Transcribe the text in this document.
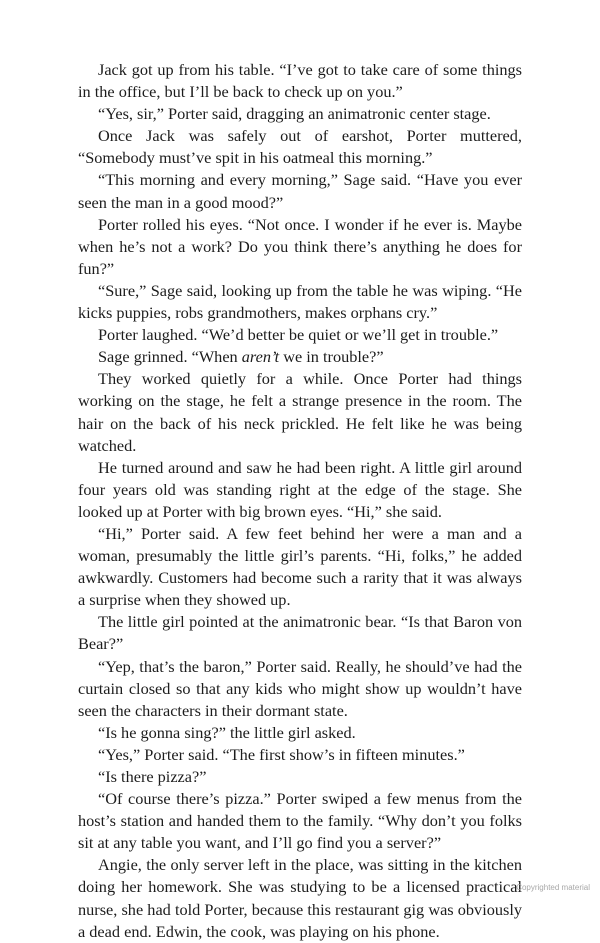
Jack got up from his table. “I’ve got to take care of some things in the office, but I’ll be back to check up on you.”

“Yes, sir,” Porter said, dragging an animatronic center stage.

Once Jack was safely out of earshot, Porter muttered, “Somebody must’ve spit in his oatmeal this morning.”

“This morning and every morning,” Sage said. “Have you ever seen the man in a good mood?”

Porter rolled his eyes. “Not once. I wonder if he ever is. Maybe when he’s not a work? Do you think there’s anything he does for fun?”

“Sure,” Sage said, looking up from the table he was wiping. “He kicks puppies, robs grandmothers, makes orphans cry.”

Porter laughed. “We’d better be quiet or we’ll get in trouble.”

Sage grinned. “When aren’t we in trouble?”

They worked quietly for a while. Once Porter had things working on the stage, he felt a strange presence in the room. The hair on the back of his neck prickled. He felt like he was being watched.

He turned around and saw he had been right. A little girl around four years old was standing right at the edge of the stage. She looked up at Porter with big brown eyes. “Hi,” she said.

“Hi,” Porter said. A few feet behind her were a man and a woman, presumably the little girl’s parents. “Hi, folks,” he added awkwardly. Customers had become such a rarity that it was always a surprise when they showed up.

The little girl pointed at the animatronic bear. “Is that Baron von Bear?”

“Yep, that’s the baron,” Porter said. Really, he should’ve had the curtain closed so that any kids who might show up wouldn’t have seen the characters in their dormant state.

“Is he gonna sing?” the little girl asked.

“Yes,” Porter said. “The first show’s in fifteen minutes.”

“Is there pizza?”

“Of course there’s pizza.” Porter swiped a few menus from the host’s station and handed them to the family. “Why don’t you folks sit at any table you want, and I’ll go find you a server?”

Angie, the only server left in the place, was sitting in the kitchen doing her homework. She was studying to be a licensed practical nurse, she had told Porter, because this restaurant gig was obviously a dead end. Edwin, the cook, was playing on his phone.

Copyrighted material
